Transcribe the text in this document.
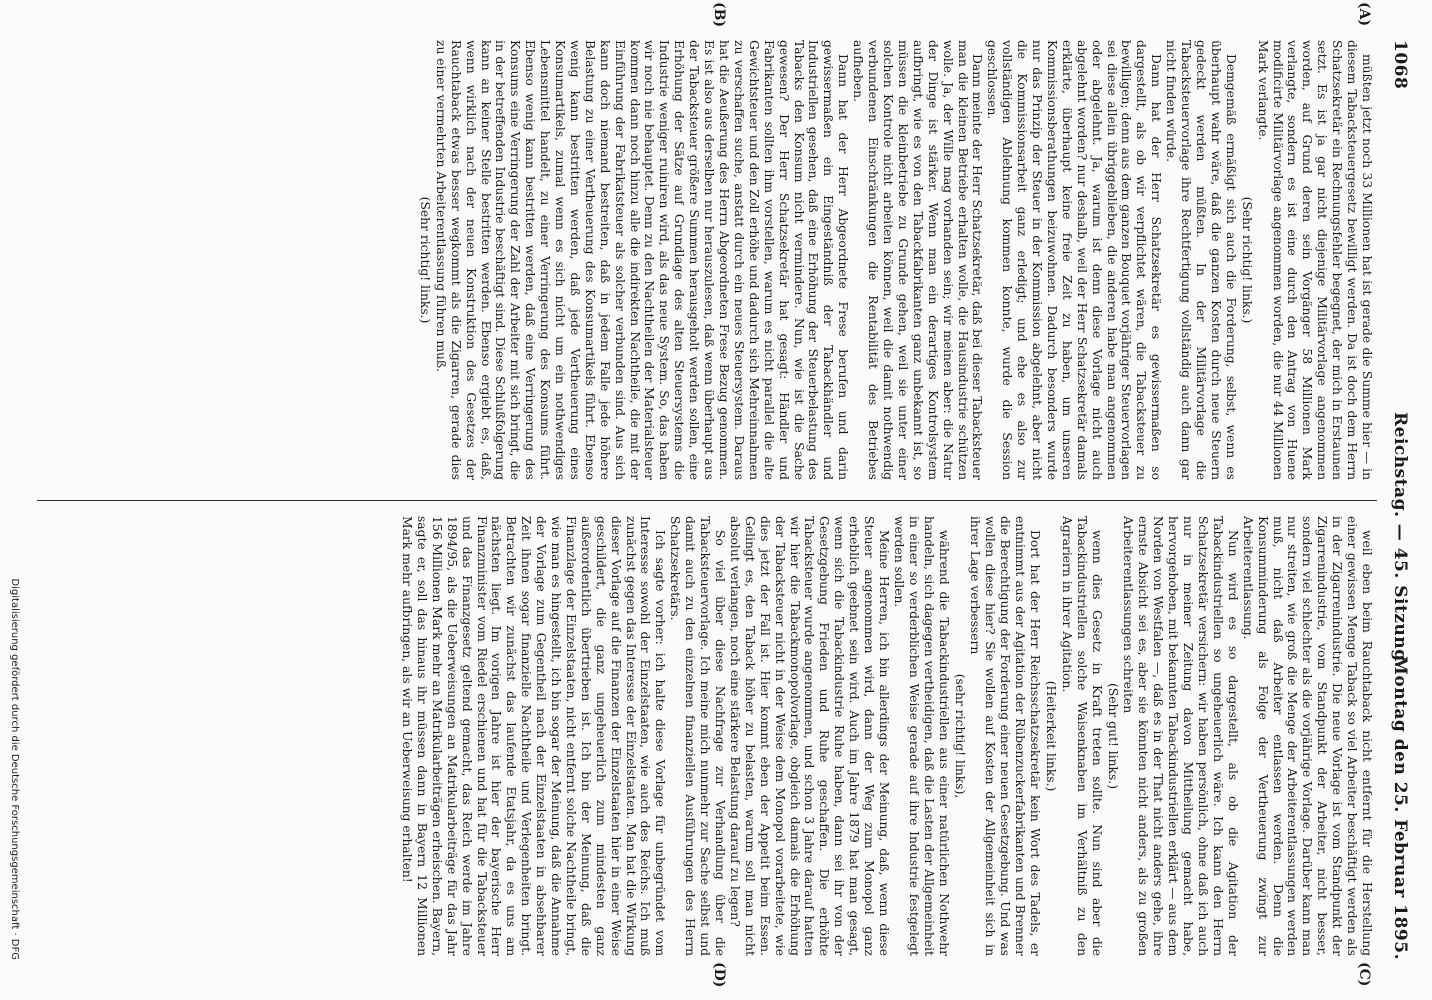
1068
Reichstag. — 45. Sitzung.
Montag den 25. Februar 1895.
(A)
(B)
(C)
(D)

müßten jetzt noch 33 Millionen hat ist gerade die Summe hier — in diesem Tabacksteuergesetz bewilligt werden. Da ist doch dem Herrn Schatzsekretär ein Rechnungsfehler begegnet, der mich in Erstaunen setzt. Es ist ja gar nicht diejenige Militärvorlage angenommen worden, auf Grund deren sein Vorgänger 58 Millionen Mark verlangte, sondern es ist eine durch den Antrag von Huene modificirte Militärvorlage angenommen worden, die nur 44 Millionen Mark verlangte.

(Sehr richtig! links.)

Demgemäß ermäßigt sich auch die Forderung, selbst, wenn es überhaupt wahr wäre, daß die ganzen Kosten durch neue Steuern gedeckt werden müßten. In der Militärvorlage die Tabacksteuervorlage ihre Rechtfertigung vollständig auch dann gar nicht finden würde.

Dann hat der Herr Schatzsekretär es gewissermaßen so dargestellt, als ob wir verpflichtet wären, die Tabacksteuer zu bewilligen; denn aus dem ganzen Bouquet vorjähriger Steuervorlagen sei diese allein übriggeblieben, die anderen habe man angenommen oder abgelehnt. Ja, warum ist denn diese Vorlage nicht auch abgelehnt worden? nur deshalb, weil der Herr Schatzsekretär damals erklärte, überhaupt keine freie Zeit zu haben, um unseren Kommissionsberathungen beizuwohnen. Dadurch besonders wurde nur das Prinzip der Steuer in der Kommission abgelehnt, aber nicht die Kommissionsarbeit ganz erledigt; und ehe es also zur vollständigen Ablehnung kommen konnte, wurde die Session geschlossen.

Dann meinte der Herr Schatzsekretär, daß bei dieser Tabacksteuer man die kleinen Betriebe erhalten wolle, die Hausindustrie schützen wolle. Ja, der Wille mag vorhanden sein; wir meinen aber: die Natur der Dinge ist stärker. Wenn man ein derartiges Kontrolsystem aufbringt, wie es von den Tabackfabrikanten ganz unbekannt ist, so müssen die kleinbetriebe zu Grunde gehen, weil sie unter einer solchen Kontrole nicht arbeiten können, weil die damit nothwendig verbundenen Einschränkungen die Rentabilität des Betriebes aufheben.

Dann hat der Herr Abgeordnete Frese berufen und darin gewissermaßen ein Eingeständniß der Tabackhändler und Industriellen gesehen, daß eine Erhöhung der Steuerbelastung des Tabacks den Konsum nicht vermindere. Nun, wie ist die Sache gewesen? Der Herr Schatzsekretär hat gesagt: Händler und Fabrikanten sollten ihm vorstellen, warum es nicht parallel die alte Gewichtsteuer und den Zoll erhöhe und dadurch sich Mehreinnahmen zu verschaffen suche, anstatt durch ein neues Steuersystem. Daraus hat die Aeußerung des Herrn Abgeordneten Frese Bezug genommen. Es ist also aus derselben nur herauszulesen, daß wenn überhaupt aus der Tabacksteuer größere Summen herausgeholt werden sollen, eine Erhöhung der Sätze auf Grundlage des alten Steuersystems die Industrie weniger ruiniren wird, als das neue System. So, das haben wir noch nie behauptet. Denn zu den Nachtheilen der Materialsteuer kommen dann noch hinzu alle die indirekten Nachtheile, die mit der Einführung der Fabrikatsteuer als solcher verbunden sind. Aus sich kann doch niemand bestreiten, daß in jedem Falle jede höhere Belastung zu einer Vertheuerung des Konsumartikels führt. Ebenso wenig kann bestritten werden, daß jede Vertheuerung eines Konsumartikels, zumal wenn es sich nicht um ein nothwendiges Lebensmittel handelt, zu einer Verringerung des Konsums führt. Ebenso wenig kann bestritten werden, daß eine Verringerung des Konsums eine Verringerung der Zahl der Arbeiter mit sich bringt, die in der betreffenden Industrie beschäftigt sind. Diese Schlußfolgerung kann an keiner Stelle bestritten werden. Ebenso ergiebt es, daß, wenn wirklich nach der neuen Konstruktion des Gesetzes der Rauchtaback etwas besser wegkommt als die Zigarren, gerade dies zu einer vermehrten Arbeiterentlassung führen muß.

(Sehr richtig! links.)

weil eben beim Rauchtaback nicht entfernt für die Herstellung einer gewissen Menge Taback so viel Arbeiter beschäftigt werden als in der Zigarrenindustrie. Die neue Vorlage ist vom Standpunkt der Zigarrenindustrie, vom Standpunkt der Arbeiter, nicht besser, sondern viel schlechter als die vorjährige Vorlage. Darüber kann man nur streiten, wie groß die Menge der Arbeiterentlassungen werden muß, nicht daß Arbeiter entlassen werden. Denn die Konsumminderung als Folge der Vertheuerung zwingt zur Arbeiterentlassung.

Nun wird es so dargestellt, als ob die Agitation der Tabackindustriellen so ungeheuerlich wäre. Ich kann den Herrn Schatzsekretär versichern: wir haben persönlich, ohne daß ich auch nur in meiner Zeitung davon Mittheilung gemacht habe, hervorgehoben, mit bekannten Tabackindustriellen erklärt — aus dem Norden von Westfalen —, daß es in der That nicht anders gehe, ihre ernste Absicht sei es, aber sie könnten nicht anders, als zu großen Arbeiterentlassungen schreiten

(Sehr gut! links.)

wenn dies Gesetz in Kraft treten sollte. Nun sind aber die Tabackindustriellen solche Waisenknaben im Verhältniß zu den Agrariern in ihrer Agitation.

(Heiterkeit links.)

Dort hat der Herr Reichsschatzsekretär kein Wort des Tadels, er entnimmt aus der Agitation der Rübenzuckerfabrikanten und Brenner die Berechtigung der Forderung einer neuen Gesetzgebung. Und was wollen diese hier? Sie wollen auf Kosten der Allgemeinheit sich in ihrer Lage verbessern

(sehr richtig! links),

während die Tabackindustriellen aus einer natürlichen Nothwehr handeln, sich dagegen vertheidigen, daß die Lasten der Allgemeinheit in einer so verderblichen Weise gerade auf ihre Industrie festgelegt werden sollen.

Meine Herren, ich bin allerdings der Meinung, daß, wenn diese Steuer angenommen wird, dann der Weg zum Monopol ganz erheblich geebnet sein wird. Auch im Jahre 1879 hat man gesagt, wenn sich die Tabackindustrie Ruhe haben, dann sei ihr von der Gesetzgebung Frieden und Ruhe geschaffen. Die erhöhte Tabacksteuer wurde angenommen, und schon 3 Jahre darauf hatten wir hier die Tabackmonopolvorlage, obgleich damals die Erhöhung der Tabacksteuer nicht in der Weise dem Monopol vorarbeitete, wie dies jetzt der Fall ist. Hier kommt eben der Appetit beim Essen. Gelingt es, den Taback höher zu belasten, warum soll man nicht absolut verlangen, noch eine stärkere Belastung darauf zu legen?

So viel über diese Nachfrage zur Verhandlung über die Tabacksteuervorlage. Ich meine mich nunmehr zur Sache selbst und damit auch zu den einzelnen finanziellen Ausführungen des Herrn Schatzsekretärs.

Ich sagte vorher: ich halte diese Vorlage für unbegründet vom Interesse sowohl der Einzelstaaten, wie auch des Reichs. Ich muß zunächst gegen das Interesse der Einzelstaaten. Man hat die Wirkung dieser Vorlage auf die Finanzen der Einzelstaaten hier in einer Weise geschildert, die ganz ungeheuerlich zum mindesten ganz außerordentlich übertrieben ist. Ich bin der Meinung, daß die Finanzlage der Einzelstaaten, nicht entfernt solche Nachtheile bringt, wie man es hingestellt, ich bin sogar der Meinung, daß die Annahme der Vorlage zum Gegentheil nach der Einzelstaaten in absehbarer Zeit ihnen sogar finanzielle Nachtheile und Verlegenheiten bringt. Betrachten wir zunächst das laufende Etatsjahr, da es uns am nächsten liegt. Im vorigen Jahre ist hier der bayerische Herr Finanzminister vom Riedel erschienen und hat für die Tabacksteuer und das Finanzgesetz geltend gemacht, das Reich werde im Jahre 1894/95, als die Ueberweisungen an Matrikularbeiträge für das Jahr 156 Millionen Mark mehr an Matrikularbeiträgen erheischen. Bayern, sagte er, soll das hinaus ihr müssen dann in Bayern 12 Millionen Mark mehr aufbringen, als wir an Ueberweisung erhalten!

Digitalisierung gefördert durch die Deutsche Forschungsgemeinschaft · DFG
